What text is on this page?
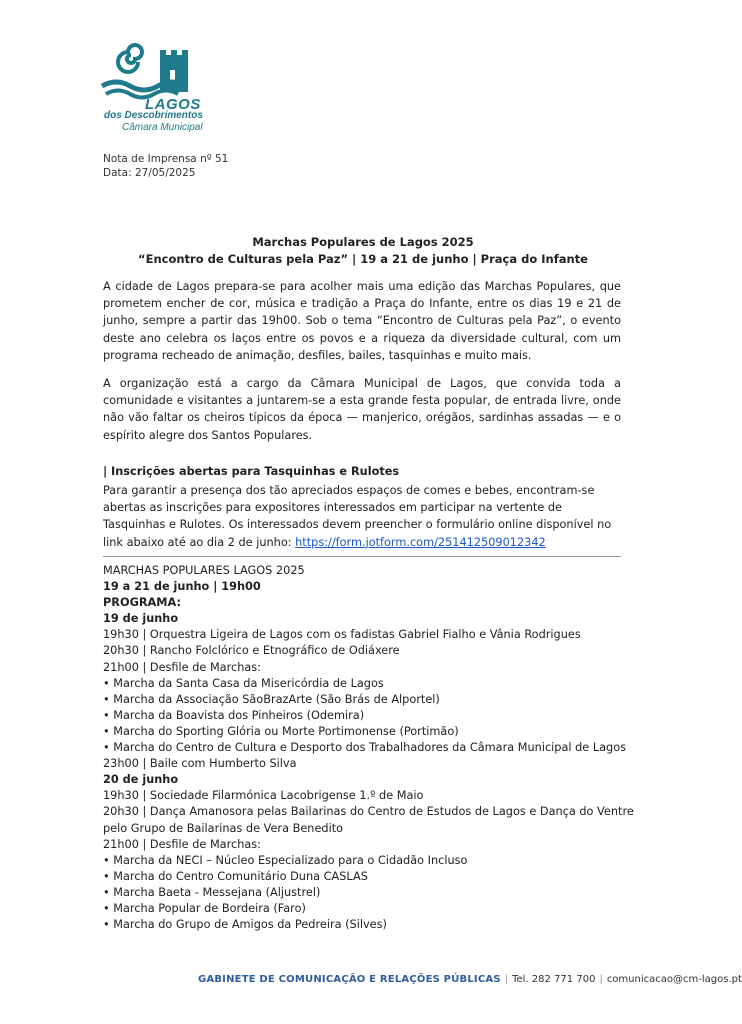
LAGOS
dos Descobrimentos
Câmara Municipal
Nota de Imprensa nº 51
Data: 27/05/2025
Marchas Populares de Lagos 2025
“Encontro de Culturas pela Paz” | 19 a 21 de junho | Praça do Infante
A cidade de Lagos prepara-se para acolher mais uma edição das Marchas Populares, que prometem encher de cor, música e tradição a Praça do Infante, entre os dias 19 e 21 de junho, sempre a partir das 19h00. Sob o tema “Encontro de Culturas pela Paz”, o evento deste ano celebra os laços entre os povos e a riqueza da diversidade cultural, com um programa recheado de animação, desfiles, bailes, tasquinhas e muito mais.
A organização está a cargo da Câmara Municipal de Lagos, que convida toda a comunidade e visitantes a juntarem-se a esta grande festa popular, de entrada livre, onde não vão faltar os cheiros típicos da época — manjerico, orégãos, sardinhas assadas — e o espírito alegre dos Santos Populares.
| Inscrições abertas para Tasquinhas e Rulotes
Para garantir a presença dos tão apreciados espaços de comes e bebes, encontram-se abertas as inscrições para expositores interessados em participar na vertente de Tasquinhas e Rulotes. Os interessados devem preencher o formulário online disponível no link abaixo até ao dia 2 de junho: https://form.jotform.com/251412509012342
MARCHAS POPULARES LAGOS 2025
19 a 21 de junho | 19h00
PROGRAMA:
19 de junho
19h30 | Orquestra Ligeira de Lagos com os fadistas Gabriel Fialho e Vânia Rodrigues
20h30 | Rancho Folclórico e Etnográfico de Odiáxere
21h00 | Desfile de Marchas:
• Marcha da Santa Casa da Misericórdia de Lagos
• Marcha da Associação SãoBrazArte (São Brás de Alportel)
• Marcha da Boavista dos Pinheiros (Odemira)
• Marcha do Sporting Glória ou Morte Portimonense (Portimão)
• Marcha do Centro de Cultura e Desporto dos Trabalhadores da Câmara Municipal de Lagos
23h00 | Baile com Humberto Silva
20 de junho
19h30 | Sociedade Filarmónica Lacobrigense 1.º de Maio
20h30 | Dança Amanosora pelas Bailarinas do Centro de Estudos de Lagos e Dança do Ventre
pelo Grupo de Bailarinas de Vera Benedito
21h00 | Desfile de Marchas:
• Marcha da NECI – Núcleo Especializado para o Cidadão Incluso
• Marcha do Centro Comunitário Duna CASLAS
• Marcha Baeta - Messejana (Aljustrel)
• Marcha Popular de Bordeira (Faro)
• Marcha do Grupo de Amigos da Pedreira (Silves)
GABINETE DE COMUNICAÇÃO E RELAÇÕES PÚBLICAS | Tel. 282 771 700 | comunicacao@cm-lagos.pt
